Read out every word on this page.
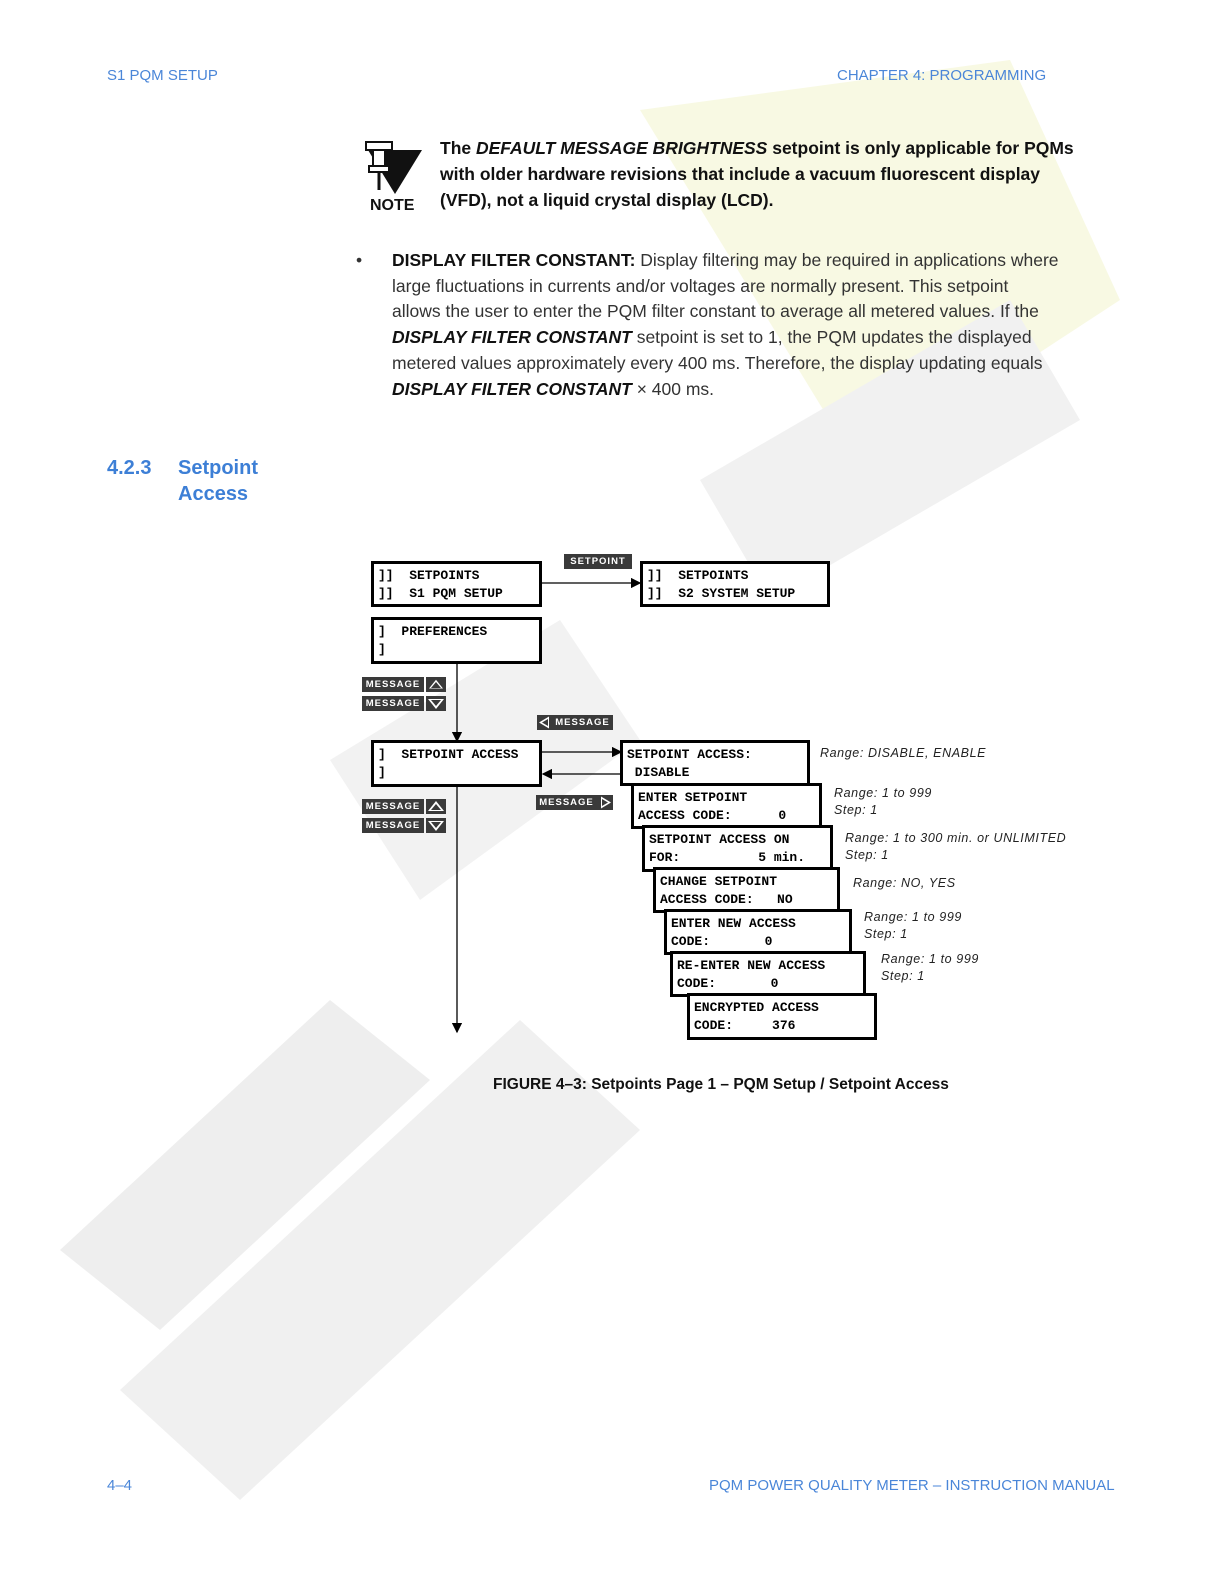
S1 PQM SETUP	CHAPTER 4: PROGRAMMING
NOTE
The DEFAULT MESSAGE BRIGHTNESS setpoint is only applicable for PQMs
with older hardware revisions that include a vacuum fluorescent display
(VFD), not a liquid crystal display (LCD).
• DISPLAY FILTER CONSTANT: Display filtering may be required in applications where
large fluctuations in currents and/or voltages are normally present. This setpoint
allows the user to enter the PQM filter constant to average all metered values. If the
DISPLAY FILTER CONSTANT setpoint is set to 1, the PQM updates the displayed
metered values approximately every 400 ms. Therefore, the display updating equals
DISPLAY FILTER CONSTANT × 400 ms.
4.2.3 Setpoint
Access
SETPOINT
MESSAGE
MESSAGE
MESSAGE
MESSAGE
MESSAGE
MESSAGE
]]  SETPOINTS
]]  S1 PQM SETUP
]]  SETPOINTS
]]  S2 SYSTEM SETUP
]  PREFERENCES
]
]  SETPOINT ACCESS
]
SETPOINT ACCESS:
DISABLE
ENTER SETPOINT
ACCESS CODE:      0
SETPOINT ACCESS ON
FOR:          5 min.
CHANGE SETPOINT
ACCESS CODE:   NO
ENTER NEW ACCESS
CODE:       0
RE-ENTER NEW ACCESS
CODE:       0
ENCRYPTED ACCESS
CODE:     376
Range: DISABLE, ENABLE
Range: 1 to 999
Step: 1
Range: 1 to 300 min. or UNLIMITED
Step: 1
Range: NO, YES
Range: 1 to 999
Step: 1
Range: 1 to 999
Step: 1
FIGURE 4–3: Setpoints Page 1 – PQM Setup / Setpoint Access
4–4	PQM POWER QUALITY METER – INSTRUCTION MANUAL
